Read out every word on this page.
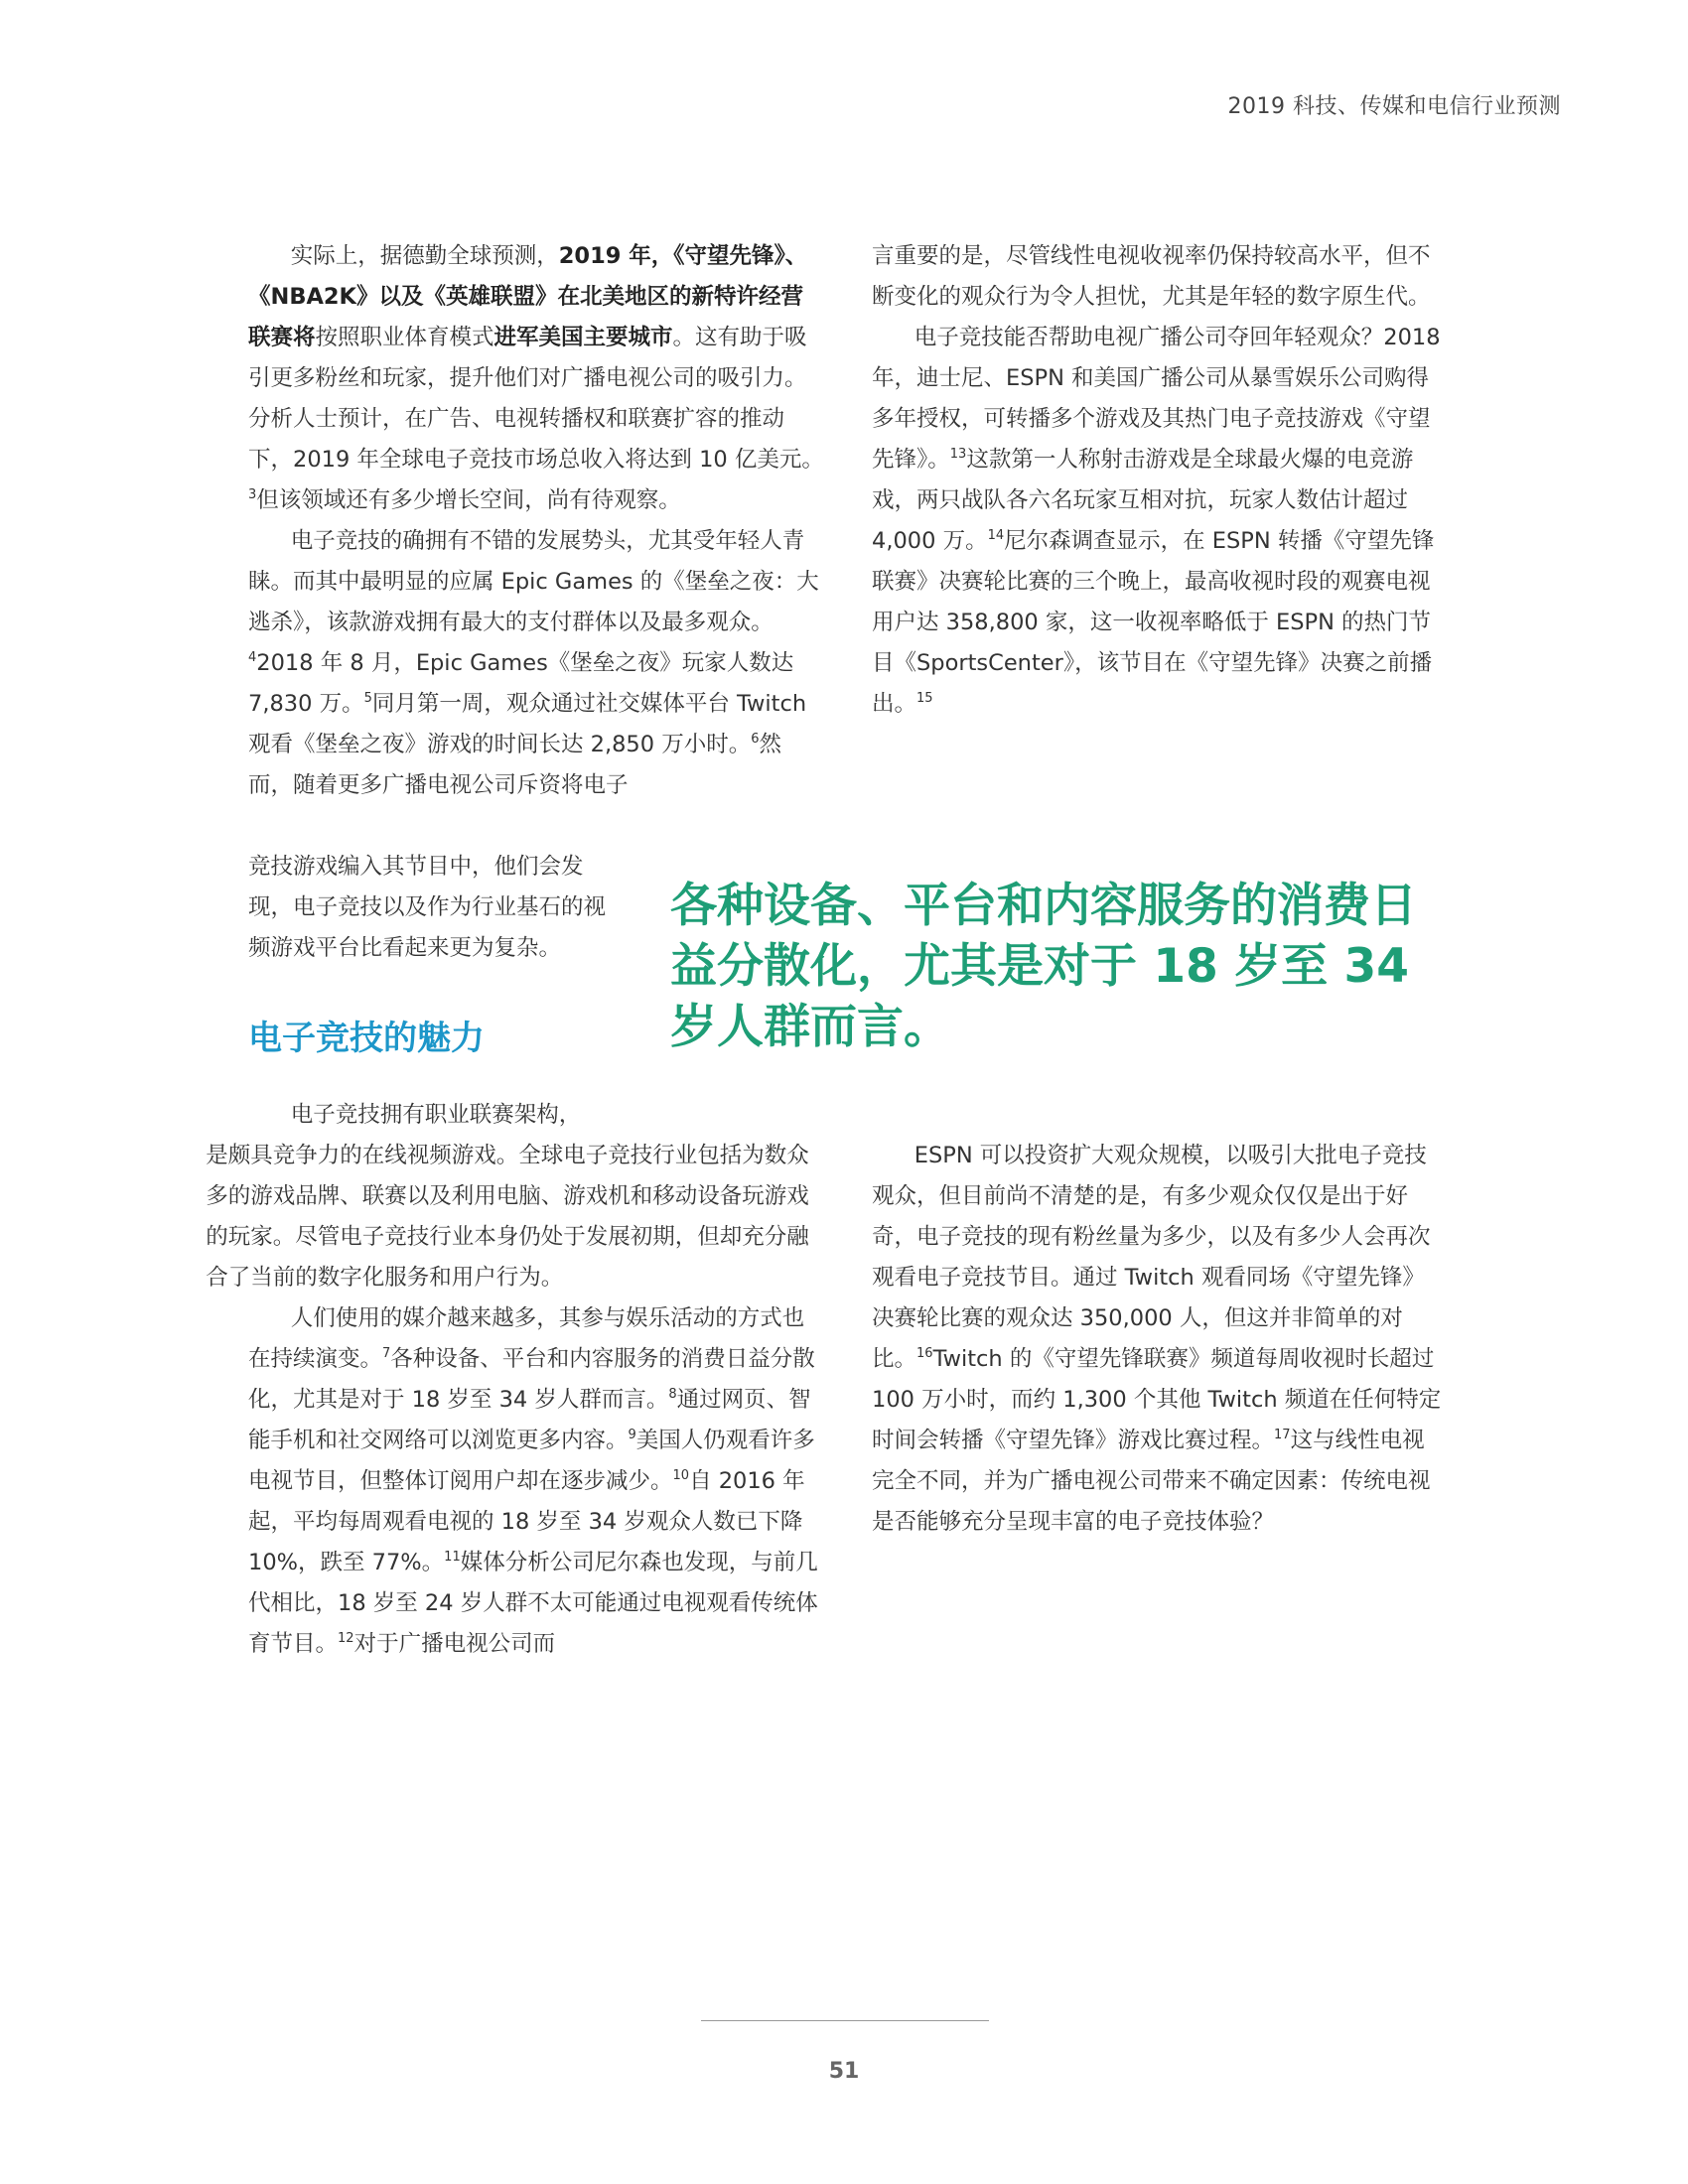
2019 科技、传媒和电信行业预测

实际上，据德勤全球预测，2019 年，《守望先锋》、《NBA2K》以及《英雄联盟》在北美地区的新特许经营联赛将按照职业体育模式进军美国主要城市。这有助于吸引更多粉丝和玩家，提升他们对广播电视公司的吸引力。分析人士预计，在广告、电视转播权和联赛扩容的推动下，2019 年全球电子竞技市场总收入将达到 10 亿美元。$^3$但该领域还有多少增长空间，尚有待观察。

电子竞技的确拥有不错的发展势头，尤其受年轻人青睐。而其中最明显的应属 Epic Games 的《堡垒之夜：大逃杀》，该款游戏拥有最大的支付群体以及最多观众。$^4$2018 年 8 月，Epic Games《堡垒之夜》玩家人数达 7,830 万。$^5$同月第一周，观众通过社交媒体平台 Twitch 观看《堡垒之夜》游戏的时间长达 2,850 万小时。$^6$然而，随着更多广播电视公司斥资将电子

竞技游戏编入其节目中，他们会发现，电子竞技以及作为行业基石的视频游戏平台比看起来更为复杂。

言重要的是，尽管线性电视收视率仍保持较高水平，但不断变化的观众行为令人担忧，尤其是年轻的数字原生代。

电子竞技能否帮助电视广播公司夺回年轻观众？2018 年，迪士尼、ESPN 和美国广播公司从暴雪娱乐公司购得多年授权，可转播多个游戏及其热门电子竞技游戏《守望先锋》。$^{13}$这款第一人称射击游戏是全球最火爆的电竞游戏，两只战队各六名玩家互相对抗，玩家人数估计超过 4,000 万。$^{14}$尼尔森调查显示，在 ESPN 转播《守望先锋联赛》决赛轮比赛的三个晚上，最高收视时段的观赛电视用户达 358,800 家，这一收视率略低于 ESPN 的热门节目《SportsCenter》，该节目在《守望先锋》决赛之前播出。$^{15}$

各种设备、平台和内容服务的消费日益分散化，尤其是对于 18 岁至 34 岁人群而言。
电子竞技的魅力

电子竞技拥有职业联赛架构，
是颇具竞争力的在线视频游戏。全球电子竞技行业包括为数众多的游戏品牌、联赛以及利用电脑、游戏机和移动设备玩游戏的玩家。尽管电子竞技行业本身仍处于发展初期，但却充分融合了当前的数字化服务和用户行为。

人们使用的媒介越来越多，其参与娱乐活动的方式也在持续演变。$^7$各种设备、平台和内容服务的消费日益分散化，尤其是对于 18 岁至 34 岁人群而言。$^8$通过网页、智能手机和社交网络可以浏览更多内容。$^9$美国人仍观看许多电视节目，但整体订阅用户却在逐步减少。$^{10}$自 2016 年起，平均每周观看电视的 18 岁至 34 岁观众人数已下降 10%，跌至 77%。$^{11}$媒体分析公司尼尔森也发现，与前几代相比，18 岁至 24 岁人群不太可能通过电视观看传统体育节目。$^{12}$对于广播电视公司而

ESPN 可以投资扩大观众规模，以吸引大批电子竞技观众，但目前尚不清楚的是，有多少观众仅仅是出于好奇，电子竞技的现有粉丝量为多少，以及有多少人会再次观看电子竞技节目。通过 Twitch 观看同场《守望先锋》决赛轮比赛的观众达 350,000 人，但这并非简单的对比。$^{16}$Twitch 的《守望先锋联赛》频道每周收视时长超过 100 万小时，而约 1,300 个其他 Twitch 频道在任何特定时间会转播《守望先锋》游戏比赛过程。$^{17}$这与线性电视完全不同，并为广播电视公司带来不确定因素：传统电视是否能够充分呈现丰富的电子竞技体验？

51
